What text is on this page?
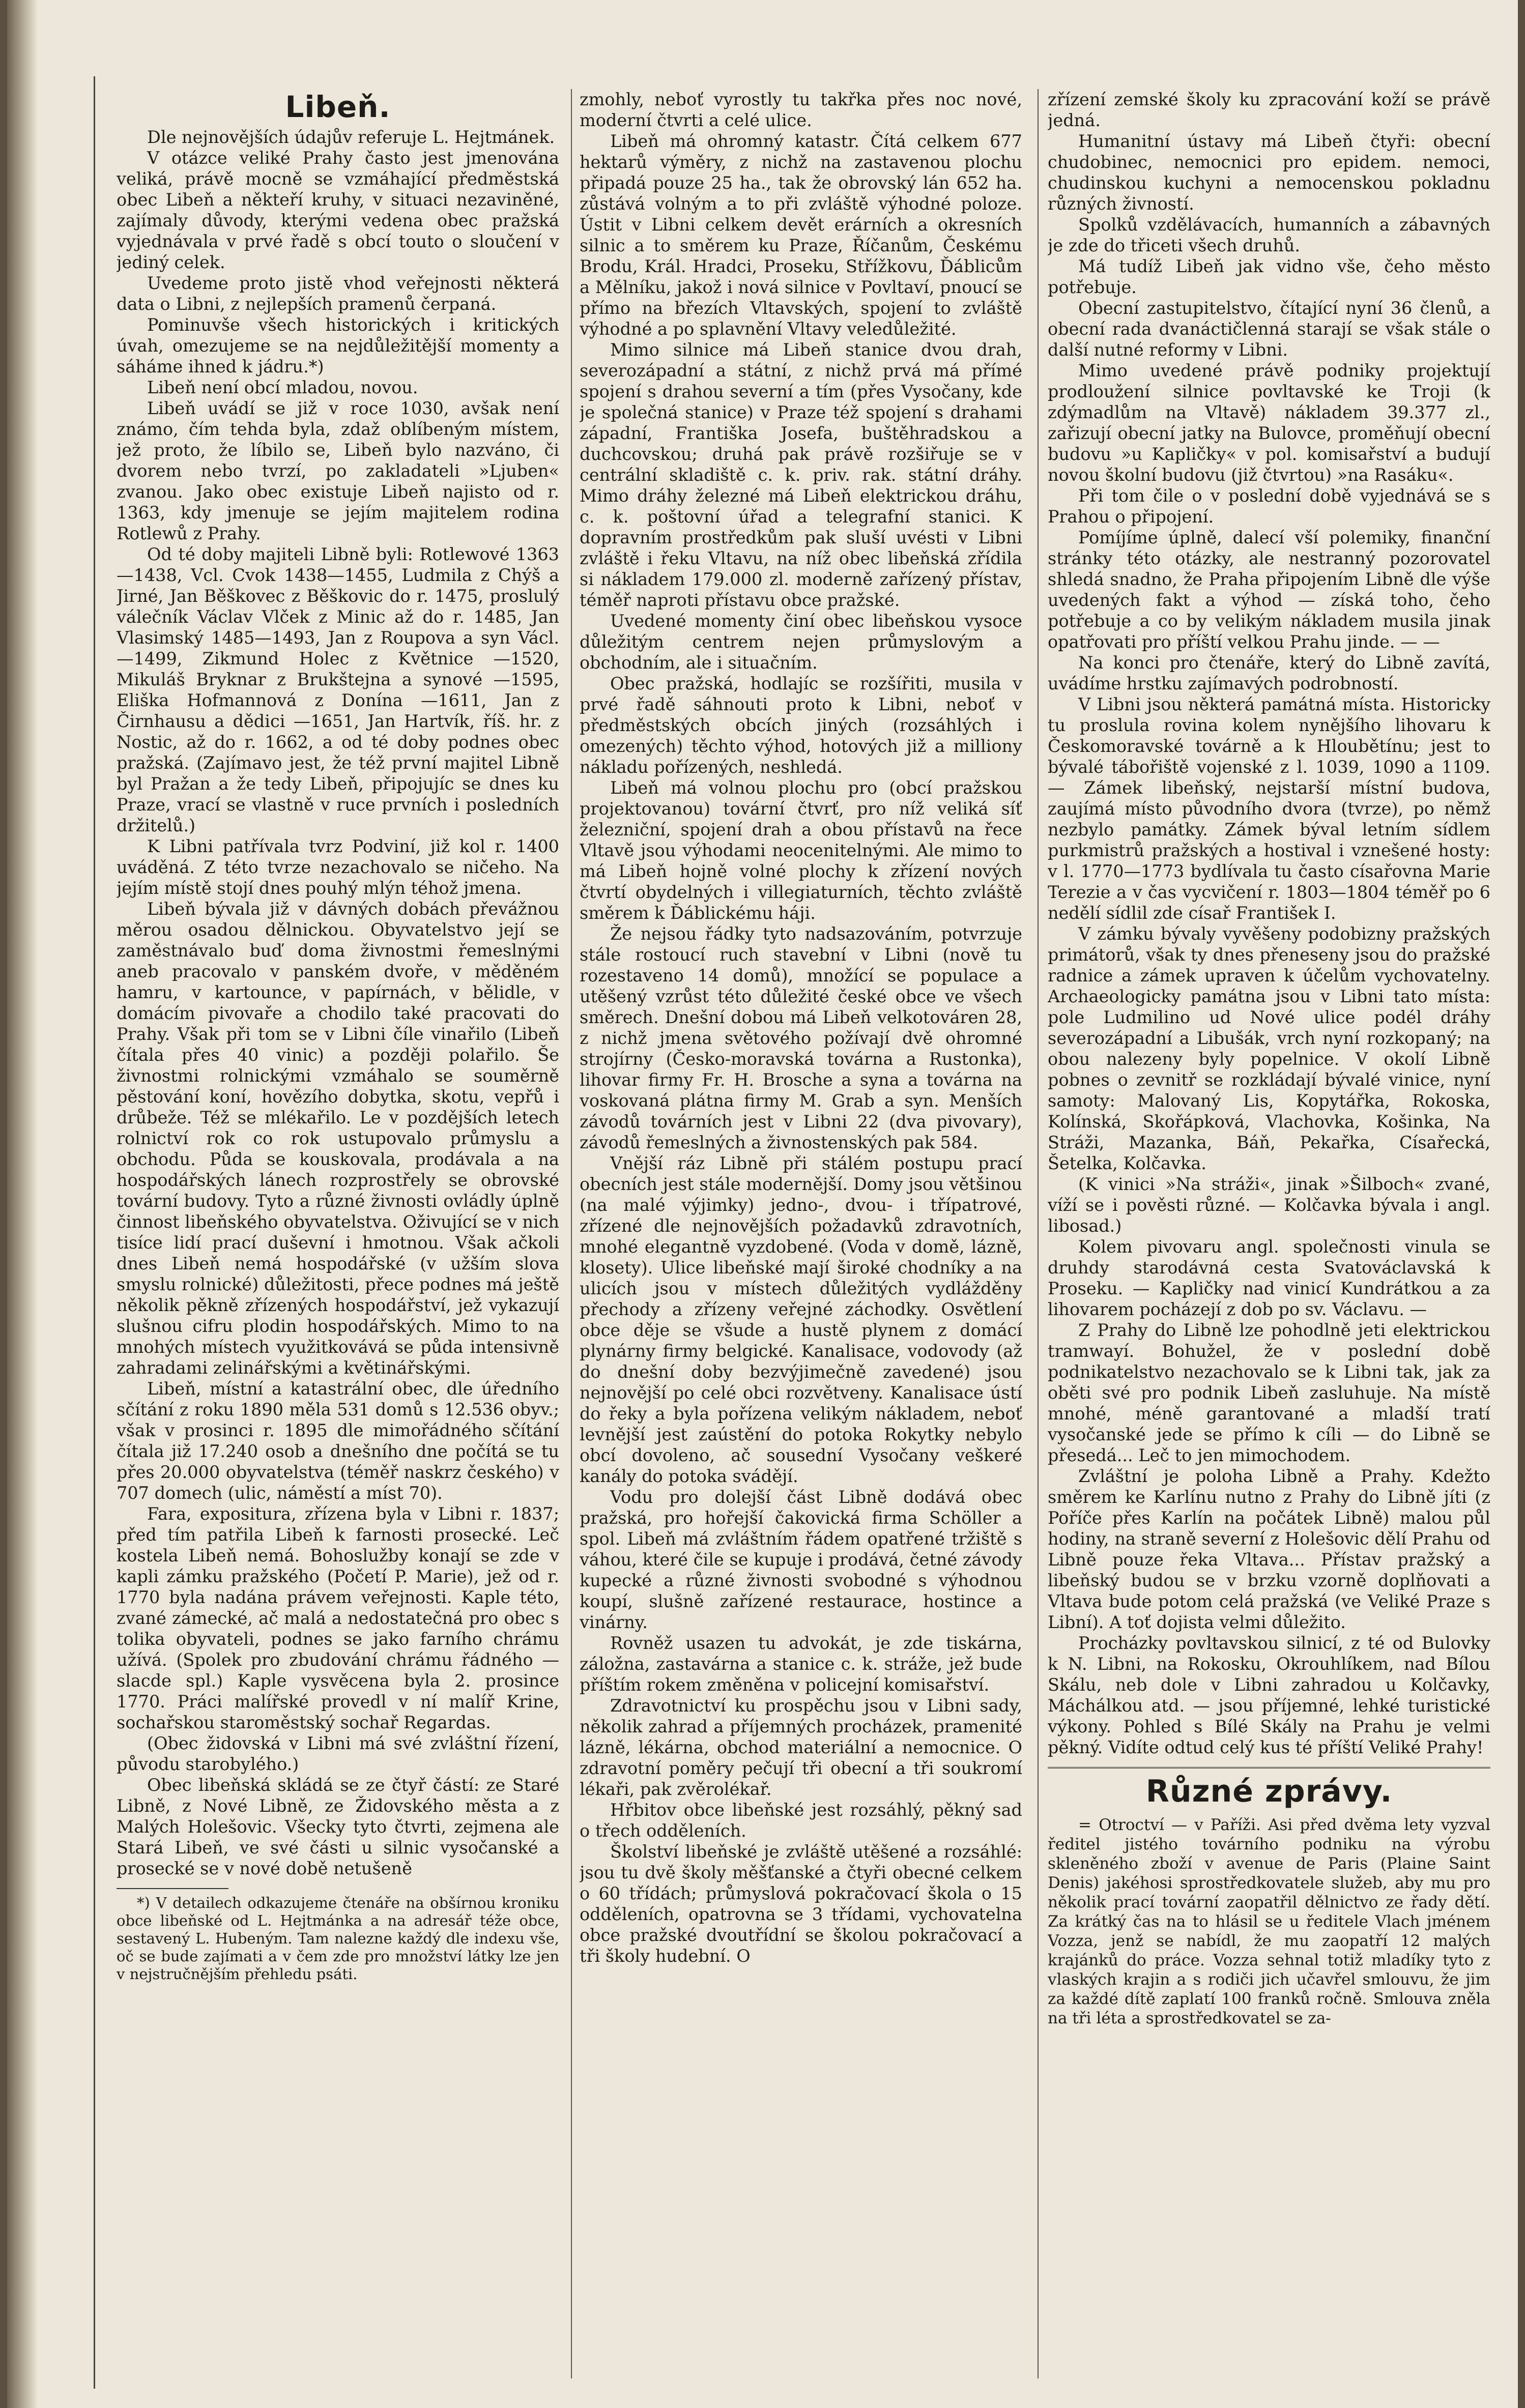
Libeň.

Dle nejnovějších údajův referuje L. Hejtmánek.

V otázce veliké Prahy často jest jmenována veliká, právě mocně se vzmáhající předměstská obec Libeň a někteří kruhy, v situaci nezaviněné, zajímaly důvody, kterými vedena obec pražská vyjednávala v prvé řadě s obcí touto o sloučení v jediný celek.

Uvedeme proto jistě vhod veřejnosti některá data o Libni, z nejlepších pramenů čerpaná.

Pominuvše všech historických i kritických úvah, omezujeme se na nejdůležitější momenty a sáháme ihned k jádru.*)

Libeň není obcí mladou, novou.

Libeň uvádí se již v roce 1030, avšak není známo, čím tehda byla, zdaž oblíbeným místem, jež proto, že líbilo se, Libeň bylo nazváno, či dvorem nebo tvrzí, po zakladateli »Ljuben« zvanou. Jako obec existuje Libeň najisto od r. 1363, kdy jmenuje se jejím majitelem rodina Rotlewů z Prahy.

Od té doby majiteli Libně byli: Rotlewové 1363—1438, Vcl. Cvok 1438—1455, Ludmila z Chýš a Jirné, Jan Běškovec z Běškovic do r. 1475, proslulý válečník Václav Vlček z Minic až do r. 1485, Jan Vlasimský 1485—1493, Jan z Roupova a syn Václ. —1499, Zikmund Holec z Květnice —1520, Mikuláš Bryknar z Brukštejna a synové —1595, Eliška Hofmannová z Donína —1611, Jan z Čirnhausu a dědici —1651, Jan Hartvík, říš. hr. z Nostic, až do r. 1662, a od té doby podnes obec pražská. (Zajímavo jest, že též první majitel Libně byl Pražan a že tedy Libeň, připojujíc se dnes ku Praze, vrací se vlastně v ruce prvních i posledních držitelů.)

K Libni patřívala tvrz Podviní, již kol r. 1400 uváděná. Z této tvrze nezachovalo se ničeho. Na jejím místě stojí dnes pouhý mlýn téhož jmena.

Libeň bývala již v dávných dobách převážnou měrou osadou dělnickou. Obyvatelstvo její se zaměstnávalo buď doma živnostmi řemeslnými aneb pracovalo v panském dvoře, v měděném hamru, v kartounce, v papírnách, v bělidle, v domácím pivovaře a chodilo také pracovati do Prahy. Však při tom se v Libni číle vinařilo (Libeň čítala přes 40 vinic) a později polařilo. Še živnostmi rolnickými vzmáhalo se souměrně pěstování koní, hovězího dobytka, skotu, vepřů i drůbeže. Též se mlékařilo. Le v pozdějších letech rolnictví rok co rok ustupovalo průmyslu a obchodu. Půda se kouskovala, prodávala a na hospodářských lánech rozprostřely se obrovské tovární budovy. Tyto a různé živnosti ovládly úplně činnost libeňského obyvatelstva. Oživující se v nich tisíce lidí prací duševní i hmotnou. Však ačkoli dnes Libeň nemá hospodářské (v užším slova smyslu rolnické) důležitosti, přece podnes má ještě několik pěkně zřízených hospodářství, jež vykazují slušnou cifru plodin hospodářských. Mimo to na mnohých místech využitkovává se půda intensivně zahradami zelinářskými a květinářskými.

Libeň, místní a katastrální obec, dle úředního sčítání z roku 1890 měla 531 domů s 12.536 obyv.; však v prosinci r. 1895 dle mimořádného sčítání čítala již 17.240 osob a dnešního dne počítá se tu přes 20.000 obyvatelstva (téměř naskrz českého) v 707 domech (ulic, náměstí a míst 70).

Fara, expositura, zřízena byla v Libni r. 1837; před tím patřila Libeň k farnosti prosecké. Leč kostela Libeň nemá. Bohoslužby konají se zde v kapli zámku pražského (Početí P. Marie), jež od r. 1770 byla nadána právem veřejnosti. Kaple této, zvané zámecké, ač malá a nedostatečná pro obec s tolika obyvateli, podnes se jako farního chrámu užívá. (Spolek pro zbudování chrámu řádného — slacde spl.) Kaple vysvěcena byla 2. prosince 1770. Práci malířské provedl v ní malíř Krine, sochařskou staroměstský sochař Regardas.

(Obec židovská v Libni má své zvláštní řízení, původu starobylého.)

Obec libeňská skládá se ze čtyř částí: ze Staré Libně, z Nové Libně, ze Židovského města a z Malých Holešovic. Všecky tyto čtvrti, zejmena ale Stará Libeň, ve své části u silnic vysočanské a prosecké se v nové době netušeně

*) V detailech odkazujeme čtenáře na obšírnou kroniku obce libeňské od L. Hejtmánka a na adresář téže obce, sestavený L. Hubeným. Tam nalezne každý dle indexu vše, oč se bude zajímati a v čem zde pro množství látky lze jen v nejstručnějším přehledu psáti.

zmohly, neboť vyrostly tu takřka přes noc nové, moderní čtvrti a celé ulice.

Libeň má ohromný katastr. Čítá celkem 677 hektarů výměry, z nichž na zastavenou plochu připadá pouze 25 ha., tak že obrovský lán 652 ha. zůstává volným a to při zvláště výhodné poloze. Ústit v Libni celkem devět erárních a okresních silnic a to směrem ku Praze, Říčanům, Českému Brodu, Král. Hradci, Proseku, Střížkovu, Ďáblicům a Mělníku, jakož i nová silnice v Povltaví, pnoucí se přímo na březích Vltavských, spojení to zvláště výhodné a po splavnění Vltavy veledůležité.

Mimo silnice má Libeň stanice dvou drah, severozápadní a státní, z nichž prvá má přímé spojení s drahou severní a tím (přes Vysočany, kde je společná stanice) v Praze též spojení s drahami západní, Františka Josefa, buštěhradskou a duchcovskou; druhá pak právě rozšiřuje se v centrální skladiště c. k. priv. rak. státní dráhy. Mimo dráhy železné má Libeň elektrickou dráhu, c. k. poštovní úřad a telegrafní stanici. K dopravním prostředkům pak sluší uvésti v Libni zvláště i řeku Vltavu, na níž obec libeňská zřídila si nákladem 179.000 zl. moderně zařízený přístav, téměř naproti přístavu obce pražské.

Uvedené momenty činí obec libeňskou vysoce důležitým centrem nejen průmyslovým a obchodním, ale i situačním.

Obec pražská, hodlajíc se rozšířiti, musila v prvé řadě sáhnouti proto k Libni, neboť v předměstských obcích jiných (rozsáhlých i omezených) těchto výhod, hotových již a milliony nákladu pořízených, neshledá.

Libeň má volnou plochu pro (obcí pražskou projektovanou) tovární čtvrť, pro níž veliká síť železniční, spojení drah a obou přístavů na řece Vltavě jsou výhodami neocenitelnými. Ale mimo to má Libeň hojně volné plochy k zřízení nových čtvrtí obydelných i villegiaturních, těchto zvláště směrem k Ďáblickému háji.

Že nejsou řádky tyto nadsazováním, potvrzuje stále rostoucí ruch stavební v Libni (nově tu rozestaveno 14 domů), množící se populace a utěšený vzrůst této důležité české obce ve všech směrech. Dnešní dobou má Libeň velkotováren 28, z nichž jmena světového požívají dvě ohromné strojírny (Česko-moravská továrna a Rustonka), lihovar firmy Fr. H. Brosche a syna a továrna na voskovaná plátna firmy M. Grab a syn. Menších závodů továrních jest v Libni 22 (dva pivovary), závodů řemeslných a živnostenských pak 584.

Vnější ráz Libně při stálém postupu prací obecních jest stále modernější. Domy jsou většinou (na malé výjimky) jedno-, dvou- i třípatrové, zřízené dle nejnovějších požadavků zdravotních, mnohé elegantně vyzdobené. (Voda v domě, lázně, klosety). Ulice libeňské mají široké chodníky a na ulicích jsou v místech důležitých vydlážděny přechody a zřízeny veřejné záchodky. Osvětlení obce děje se všude a hustě plynem z domácí plynárny firmy belgické. Kanalisace, vodovody (až do dnešní doby bezvýjimečně zavedené) jsou nejnovější po celé obci rozvětveny. Kanalisace ústí do řeky a byla pořízena velikým nákladem, neboť levnější jest zaústění do potoka Rokytky nebylo obcí dovoleno, ač sousední Vysočany veškeré kanály do potoka svádějí.

Vodu pro dolejší část Libně dodává obec pražská, pro hořejší čakovická firma Schöller a spol. Libeň má zvláštním řádem opatřené tržiště s váhou, které čile se kupuje i prodává, četné závody kupecké a různé živnosti svobodné s výhodnou koupí, slušně zařízené restaurace, hostince a vinárny.

Rovněž usazen tu advokát, je zde tiskárna, záložna, zastavárna a stanice c. k. stráže, jež bude příštím rokem změněna v policejní komisařství.

Zdravotnictví ku prospěchu jsou v Libni sady, několik zahrad a příjemných procházek, pramenité lázně, lékárna, obchod materiální a nemocnice. O zdravotní poměry pečují tři obecní a tři soukromí lékaři, pak zvěrolékař.

Hřbitov obce libeňské jest rozsáhlý, pěkný sad o třech odděleních.

Školství libeňské je zvláště utěšené a rozsáhlé: jsou tu dvě školy měšťanské a čtyři obecné celkem o 60 třídách; průmyslová pokračovací škola o 15 odděleních, opatrovna se 3 třídami, vychovatelna obce pražské dvoutřídní se školou pokračovací a tři školy hudební. O

zřízení zemské školy ku zpracování koží se právě jedná.

Humanitní ústavy má Libeň čtyři: obecní chudobinec, nemocnici pro epidem. nemoci, chudinskou kuchyni a nemocenskou pokladnu různých živností.

Spolků vzdělávacích, humanních a zábavných je zde do třiceti všech druhů.

Má tudíž Libeň jak vidno vše, čeho město potřebuje.

Obecní zastupitelstvo, čítající nyní 36 členů, a obecní rada dvanáctičlenná starají se však stále o další nutné reformy v Libni.

Mimo uvedené právě podniky projektují prodloužení silnice povltavské ke Troji (k zdýmadlům na Vltavě) nákladem 39.377 zl., zařizují obecní jatky na Bulovce, proměňují obecní budovu »u Kapličky« v pol. komisařství a budují novou školní budovu (již čtvrtou) »na Rasáku«.

Při tom čile o v poslední době vyjednává se s Prahou o připojení.

Pomíjíme úplně, dalecí vší polemiky, finanční stránky této otázky, ale nestranný pozorovatel shledá snadno, že Praha připojením Libně dle výše uvedených fakt a výhod — získá toho, čeho potřebuje a co by velikým nákladem musila jinak opatřovati pro příští velkou Prahu jinde. — —

Na konci pro čtenáře, který do Libně zavítá, uvádíme hrstku zajímavých podrobností.

V Libni jsou některá památná místa. Historicky tu proslula rovina kolem nynějšího lihovaru k Českomoravské továrně a k Hloubětínu; jest to bývalé tábořiště vojenské z l. 1039, 1090 a 1109. — Zámek libeňský, nejstarší místní budova, zaujímá místo původního dvora (tvrze), po němž nezbylo památky. Zámek býval letním sídlem purkmistrů pražských a hostival i vznešené hosty: v l. 1770—1773 bydlívala tu často císařovna Marie Terezie a v čas vycvičení r. 1803—1804 téměř po 6 nedělí sídlil zde císař František I.

V zámku bývaly vyvěšeny podobizny pražských primátorů, však ty dnes přeneseny jsou do pražské radnice a zámek upraven k účelům vychovatelny. Archaeologicky památna jsou v Libni tato místa: pole Ludmilino ud Nové ulice podél dráhy severozápadní a Libušák, vrch nyní rozkopaný; na obou nalezeny byly popelnice. V okolí Libně pobnes o zevnitř se rozkládají bývalé vinice, nyní samoty: Malovaný Lis, Kopytářka, Rokoska, Kolínská, Skořápková, Vlachovka, Košinka, Na Stráži, Mazanka, Báň, Pekařka, Císařecká, Šetelka, Kolčavka.

(K vinici »Na stráži«, jinak »Šilboch« zvané, víží se i pověsti různé. — Kolčavka bývala i angl. libosad.)

Kolem pivovaru angl. společnosti vinula se druhdy starodávná cesta Svatováclavská k Proseku. — Kapličky nad vinicí Kundrátkou a za lihovarem pocházejí z dob po sv. Václavu. —

Z Prahy do Libně lze pohodlně jeti elektrickou tramwayí. Bohužel, že v poslední době podnikatelstvo nezachovalo se k Libni tak, jak za oběti své pro podnik Libeň zasluhuje. Na místě mnohé, méně garantované a mladší tratí vysočanské jede se přímo k cíli — do Libně se přesedá... Leč to jen mimochodem.

Zvláštní je poloha Libně a Prahy. Kdežto směrem ke Karlínu nutno z Prahy do Libně jíti (z Poříče přes Karlín na počátek Libně) malou půl hodiny, na straně severní z Holešovic dělí Prahu od Libně pouze řeka Vltava... Přístav pražský a libeňský budou se v brzku vzorně doplňovati a Vltava bude potom celá pražská (ve Veliké Praze s Libní). A toť dojista velmi důležito.

Procházky povltavskou silnicí, z té od Bulovky k N. Libni, na Rokosku, Okrouhlíkem, nad Bílou Skálu, neb dole v Libni zahradou u Kolčavky, Máchálkou atd. — jsou příjemné, lehké turistické výkony. Pohled s Bílé Skály na Prahu je velmi pěkný. Vidíte odtud celý kus té příští Veliké Prahy!

Různé zprávy.

= Otroctví — v Paříži. Asi před dvěma lety vyzval ředitel jistého továrního podniku na výrobu skleněného zboží v avenue de Paris (Plaine Saint Denis) jakéhosi sprostředkovatele služeb, aby mu pro několik prací tovární zaopatřil dělnictvo ze řady dětí. Za krátký čas na to hlásil se u ředitele Vlach jménem Vozza, jenž se nabídl, že mu zaopatří 12 malých krajánků do práce. Vozza sehnal totiž mladíky tyto z vlaských krajin a s rodiči jich učavřel smlouvu, že jim za každé dítě zaplatí 100 franků ročně. Smlouva zněla na tři léta a sprostředkovatel se za-
